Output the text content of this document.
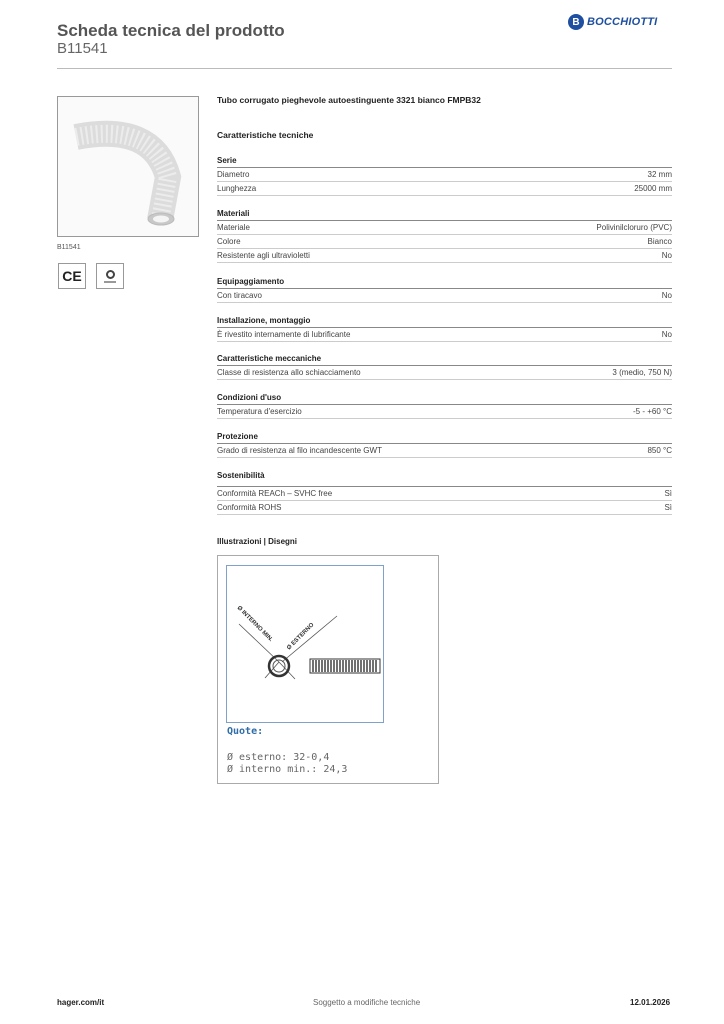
Scheda tecnica del prodotto
B11541
B BOCCHIOTTI
B11541
CE
Tubo corrugato pieghevole autoestinguente 3321 bianco FMPB32
Caratteristiche tecniche
Serie
Diametro	32 mm
Lunghezza	25000 mm
Materiali
Materiale	Polivinilcloruro (PVC)
Colore	Bianco
Resistente agli ultravioletti	No
Equipaggiamento
Con tiracavo	No
Installazione, montaggio
È rivestito internamente di lubrificante	No
Caratteristiche meccaniche
Classe di resistenza allo schiacciamento	3 (medio, 750 N)
Condizioni d'uso
Temperatura d'esercizio	-5 - +60 °C
Protezione
Grado di resistenza al filo incandescente GWT	850 °C
Sostenibilità
Conformità REACh – SVHC free	Sì
Conformità ROHS	Sì
Illustrazioni | Disegni
Ø INTERNO MIN. Ø ESTERNO
Quote:
Ø esterno: 32-0,4
Ø interno min.: 24,3
hager.com/it	Soggetto a modifiche tecniche	12.01.2026
